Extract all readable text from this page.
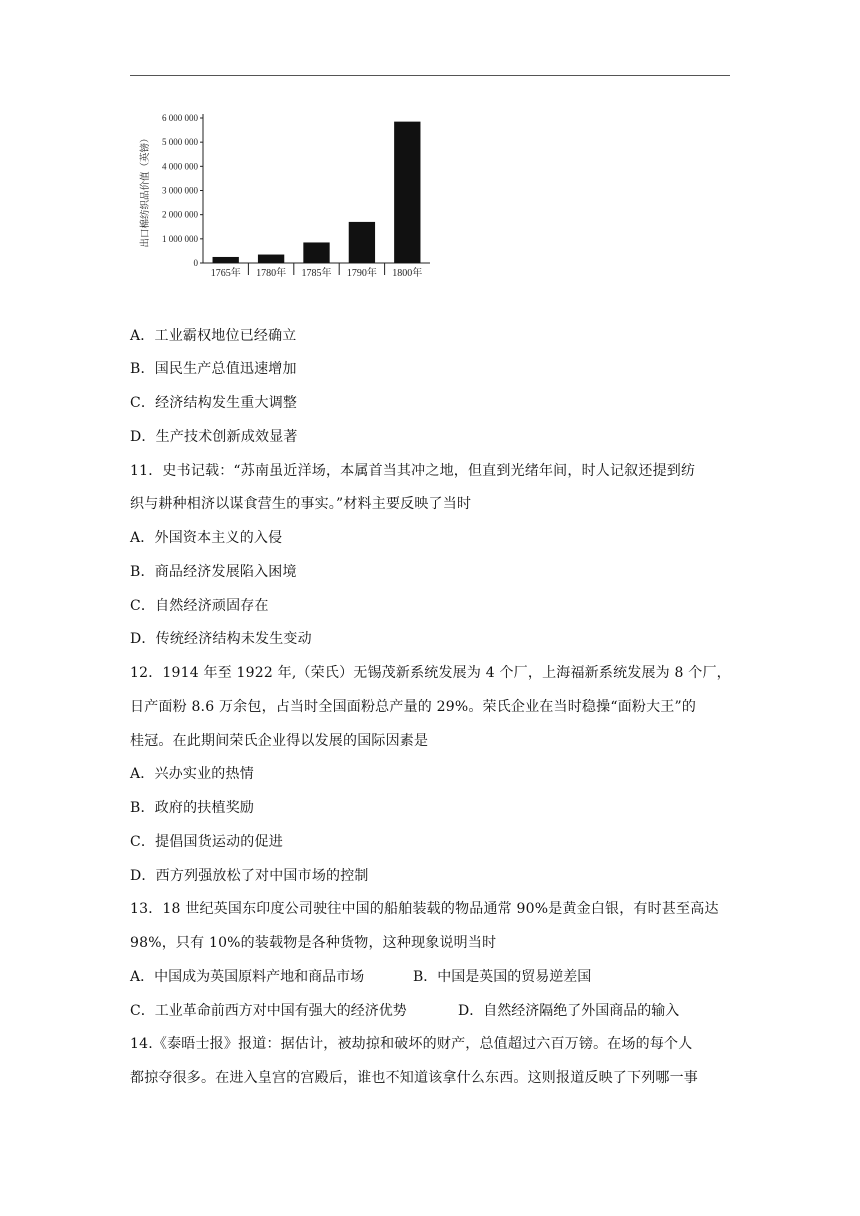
0
1 000 000
2 000 000
3 000 000
4 000 000
5 000 000
6 000 000
出口棉纺织品价值（英镑）
1765年 1780年 1785年 1790年 1800年
A．工业霸权地位已经确立
B．国民生产总值迅速增加
C．经济结构发生重大调整
D．生产技术创新成效显著
11．史书记载：“苏南虽近洋场，本属首当其冲之地，但直到光绪年间，时人记叙还提到纺
织与耕种相济以谋食营生的事实。”材料主要反映了当时
A．外国资本主义的入侵
B．商品经济发展陷入困境
C．自然经济顽固存在
D．传统经济结构未发生变动
12．1914 年至 1922 年,（荣氏）无锡茂新系统发展为 4 个厂，上海福新系统发展为 8 个厂，
日产面粉 8.6 万余包，占当时全国面粉总产量的 29%。荣氏企业在当时稳操“面粉大王”的
桂冠。在此期间荣氏企业得以发展的国际因素是
A．兴办实业的热情
B．政府的扶植奖励
C．提倡国货运动的促进
D．西方列强放松了对中国市场的控制
13．18 世纪英国东印度公司驶往中国的船舶装载的物品通常 90%是黄金白银，有时甚至高达
98%，只有 10%的装载物是各种货物，这种现象说明当时
A．中国成为英国原料产地和商品市场	B．中国是英国的贸易逆差国
C．工业革命前西方对中国有强大的经济优势	D．自然经济隔绝了外国商品的输入
14.《泰晤士报》报道：据估计，被劫掠和破坏的财产，总值超过六百万镑。在场的每个人
都掠夺很多。在进入皇宫的宫殿后，谁也不知道该拿什么东西。这则报道反映了下列哪一事
